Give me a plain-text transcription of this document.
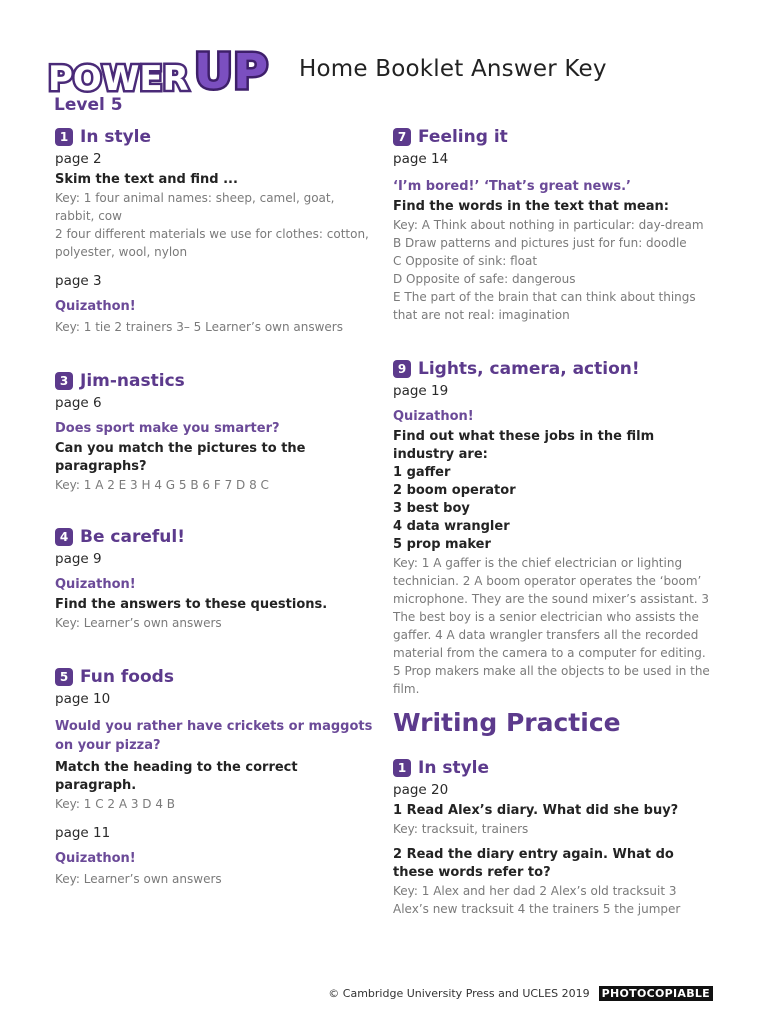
POWER UP Home Booklet Answer Key
Level 5
1 In style
page 2
Skim the text and find ...
Key: 1 four animal names: sheep, camel, goat, rabbit, cow
2 four different materials we use for clothes: cotton, polyester, wool, nylon
page 3
Quizathon!
Key: 1 tie 2 trainers 3– 5 Learner’s own answers
3 Jim-nastics
page 6
Does sport make you smarter?
Can you match the pictures to the paragraphs?
Key: 1 A 2 E 3 H 4 G 5 B 6 F 7 D 8 C
4 Be careful!
page 9
Quizathon!
Find the answers to these questions.
Key: Learner’s own answers
5 Fun foods
page 10
Would you rather have crickets or maggots on your pizza?
Match the heading to the correct paragraph.
Key: 1 C 2 A 3 D 4 B
page 11
Quizathon!
Key: Learner’s own answers
7 Feeling it
page 14
‘I’m bored!’ ‘That’s great news.’
Find the words in the text that mean:
Key: A Think about nothing in particular: day-dream
B Draw patterns and pictures just for fun: doodle
C Opposite of sink: float
D Opposite of safe: dangerous
E The part of the brain that can think about things that are not real: imagination
9 Lights, camera, action!
page 19
Quizathon!
Find out what these jobs in the film industry are:
1 gaffer
2 boom operator
3 best boy
4 data wrangler
5 prop maker
Key: 1 A gaffer is the chief electrician or lighting technician. 2 A boom operator operates the ‘boom’ microphone. They are the sound mixer’s assistant. 3 The best boy is a senior electrician who assists the gaffer. 4 A data wrangler transfers all the recorded material from the camera to a computer for editing. 5 Prop makers make all the objects to be used in the film.
Writing Practice
1 In style
page 20
1 Read Alex’s diary. What did she buy?
Key: tracksuit, trainers
2 Read the diary entry again. What do these words refer to?
Key: 1 Alex and her dad 2 Alex’s old tracksuit 3 Alex’s new tracksuit 4 the trainers 5 the jumper
© Cambridge University Press and UCLES 2019 PHOTOCOPIABLE
